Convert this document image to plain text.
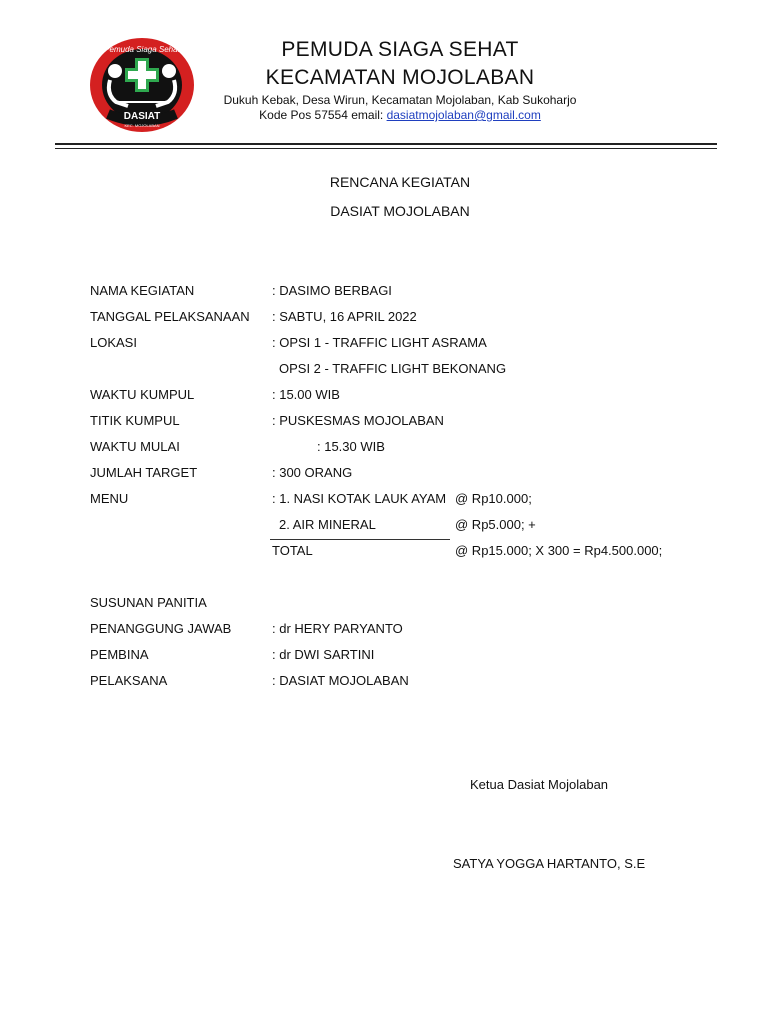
Pemuda Siaga Sehat
DASIAT
KEC. MOJOLABAN
PEMUDA SIAGA SEHAT
KECAMATAN MOJOLABAN
Dukuh Kebak, Desa Wirun, Kecamatan Mojolaban, Kab Sukoharjo
Kode Pos 57554 email: dasiatmojolaban@gmail.com
RENCANA KEGIATAN
DASIAT MOJOLABAN
NAMA KEGIATAN	: DASIMO BERBAGI
TANGGAL PELAKSANAAN : SABTU, 16 APRIL 2022
LOKASI	: OPSI 1 - TRAFFIC LIGHT ASRAMA
OPSI 2 - TRAFFIC LIGHT BEKONANG
WAKTU KUMPUL	: 15.00 WIB
TITIK KUMPUL	: PUSKESMAS MOJOLABAN
WAKTU MULAI	: 15.30 WIB
JUMLAH TARGET	: 300 ORANG
MENU	: 1. NASI KOTAK LAUK AYAM @ Rp10.000;
2. AIR MINERAL	@ Rp5.000; +
TOTAL	@ Rp15.000; X 300 = Rp4.500.000;
SUSUNAN PANITIA
PENANGGUNG JAWAB	: dr HERY PARYANTO
PEMBINA	: dr DWI SARTINI
PELAKSANA	: DASIAT MOJOLABAN
Ketua Dasiat Mojolaban
SATYA YOGGA HARTANTO, S.E
